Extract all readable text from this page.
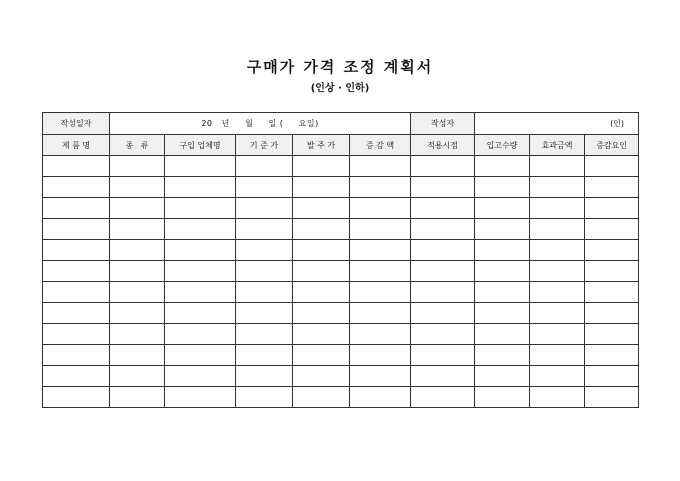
구매가 가격 조정 계획서
(인상 · 인하)
작성일자	20   년     월     일 (     요일)					작성자	(인)		
제 품 명	종   류	구입 업체명	기 준 가	발 주 가	증 감 액	적용시점	입고수량	효과금액	증감요인
